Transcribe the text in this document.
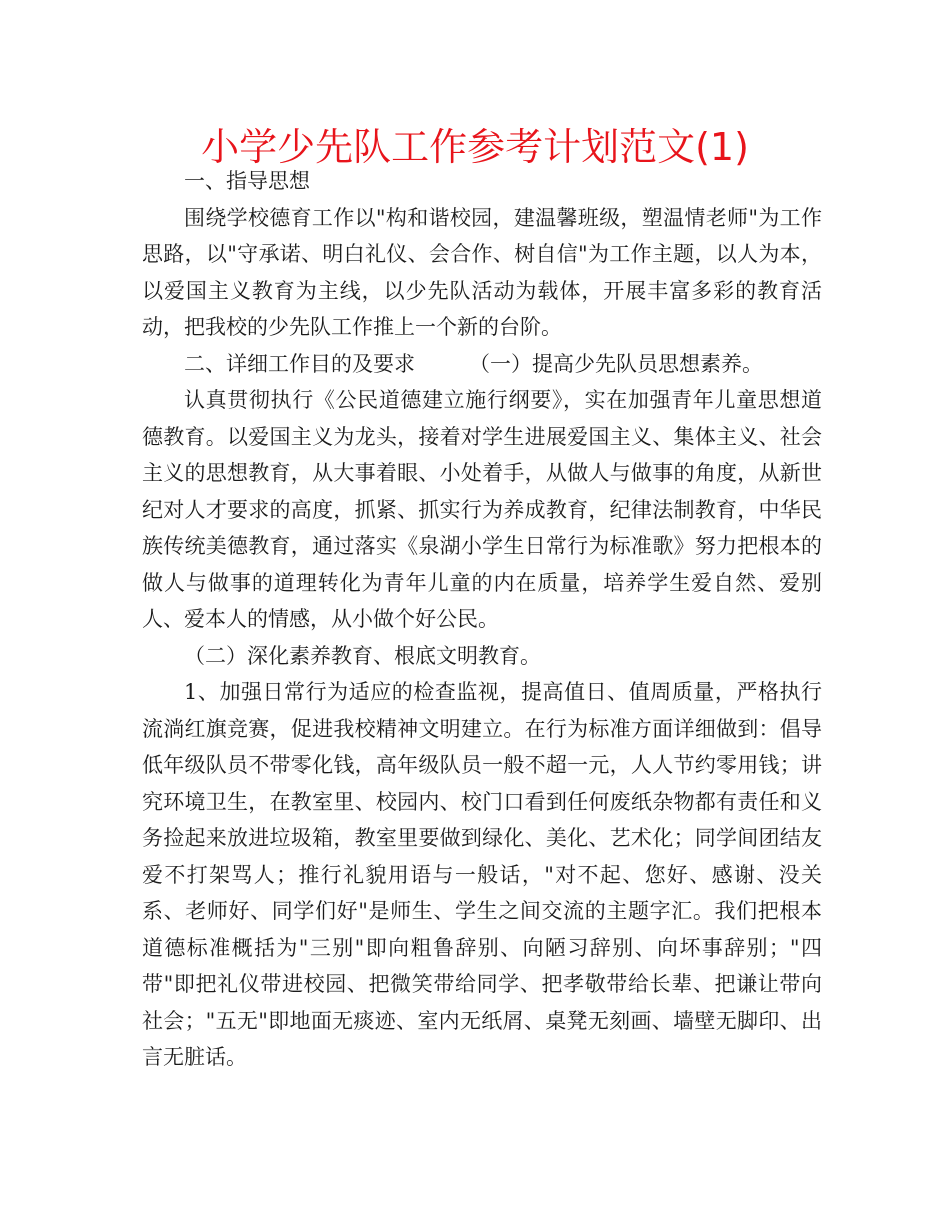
小学少先队工作参考计划范文(1)

一、指导思想

围绕学校德育工作以"构和谐校园，建温馨班级，塑温情老师"为工作思路，以"守承诺、明白礼仪、会合作、树自信"为工作主题，以人为本，以爱国主义教育为主线，以少先队活动为载体，开展丰富多彩的教育活动，把我校的少先队工作推上一个新的台阶。

二、详细工作目的及要求	（一）提高少先队员思想素养。

认真贯彻执行《公民道德建立施行纲要》，实在加强青年儿童思想道德教育。以爱国主义为龙头，接着对学生进展爱国主义、集体主义、社会主义的思想教育，从大事着眼、小处着手，从做人与做事的角度，从新世纪对人才要求的高度，抓紧、抓实行为养成教育，纪律法制教育，中华民族传统美德教育，通过落实《泉湖小学生日常行为标准歌》努力把根本的做人与做事的道理转化为青年儿童的内在质量，培养学生爱自然、爱别人、爱本人的情感，从小做个好公民。

（二）深化素养教育、根底文明教育。

1、加强日常行为适应的检查监视，提高值日、值周质量，严格执行流淌红旗竞赛，促进我校精神文明建立。在行为标准方面详细做到：倡导低年级队员不带零化钱，高年级队员一般不超一元，人人节约零用钱；讲究环境卫生，在教室里、校园内、校门口看到任何废纸杂物都有责任和义务捡起来放进垃圾箱，教室里要做到绿化、美化、艺术化；同学间团结友爱不打架骂人；推行礼貌用语与一般话，"对不起、您好、感谢、没关系、老师好、同学们好"是师生、学生之间交流的主题字汇。我们把根本道德标准概括为"三别"即向粗鲁辞别、向陋习辞别、向坏事辞别；"四带"即把礼仪带进校园、把微笑带给同学、把孝敬带给长辈、把谦让带向社会；"五无"即地面无痰迹、室内无纸屑、桌凳无刻画、墙壁无脚印、出言无脏话。
